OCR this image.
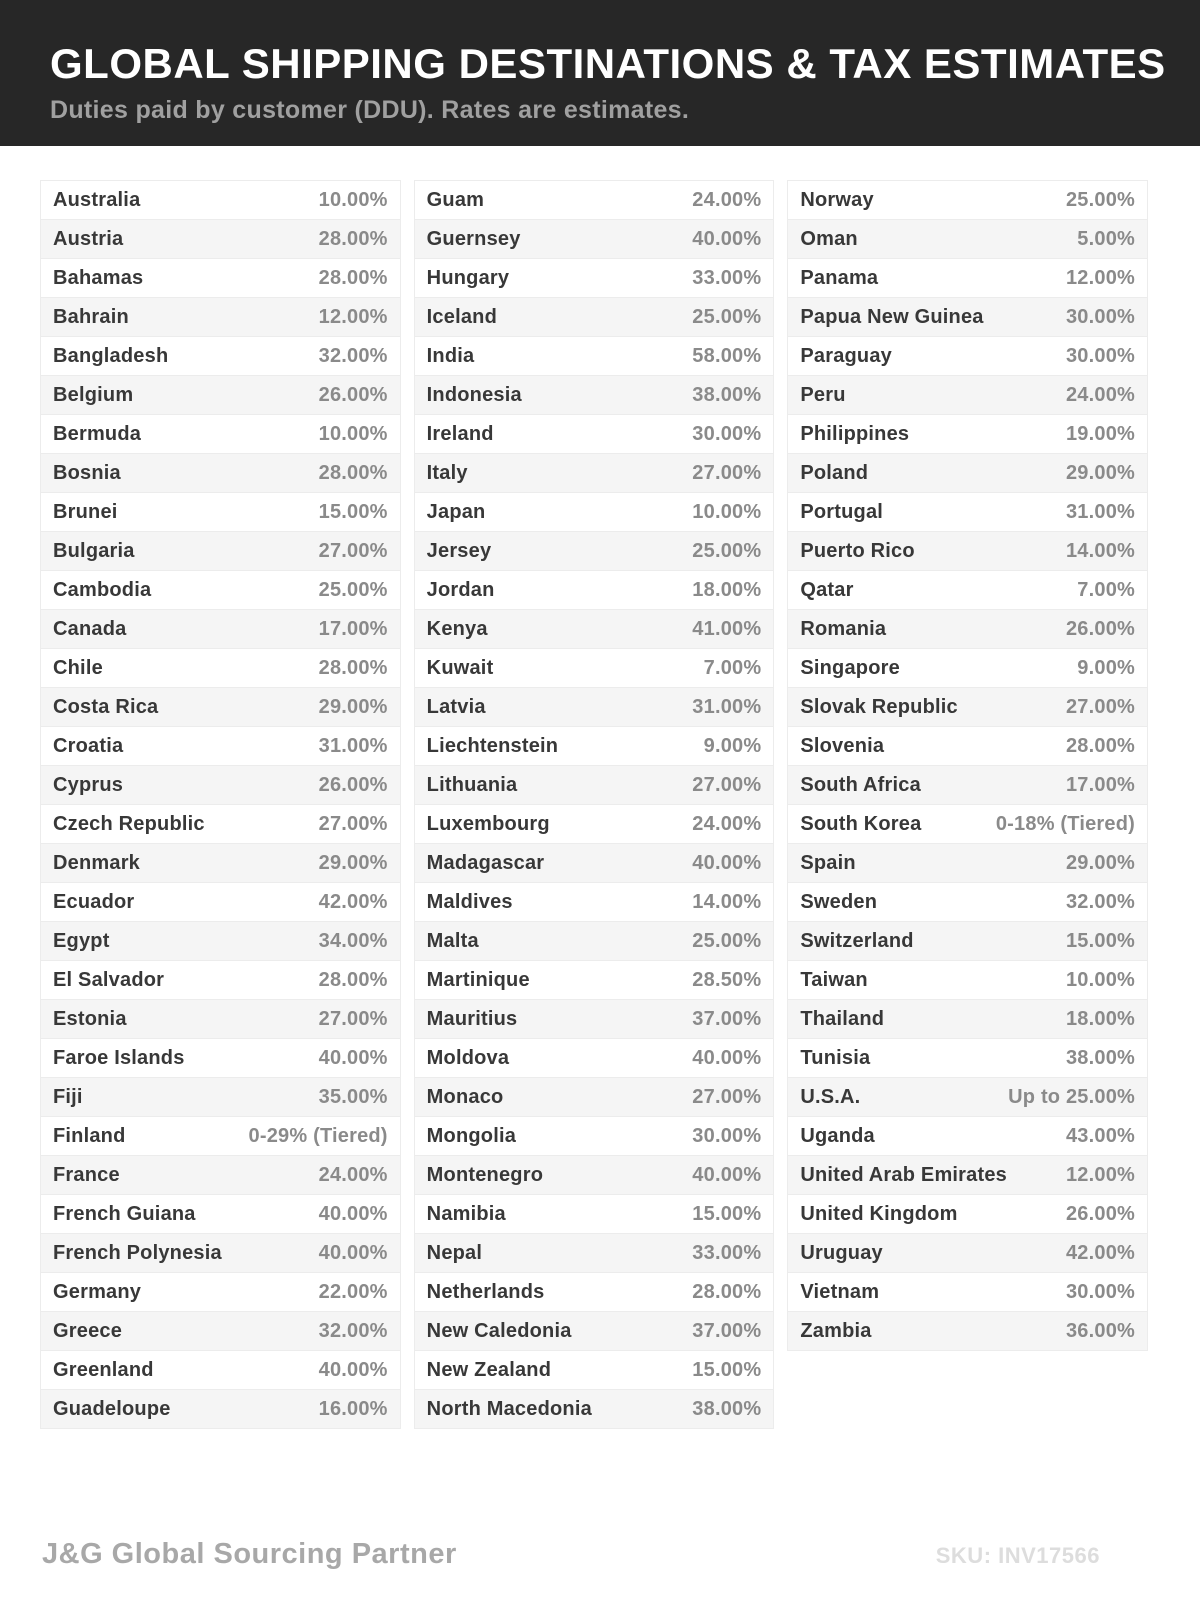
GLOBAL SHIPPING DESTINATIONS & TAX ESTIMATES

Duties paid by customer (DDU). Rates are estimates.

Australia	10.00%
Austria	28.00%
Bahamas	28.00%
Bahrain	12.00%
Bangladesh	32.00%
Belgium	26.00%
Bermuda	10.00%
Bosnia	28.00%
Brunei	15.00%
Bulgaria	27.00%
Cambodia	25.00%
Canada	17.00%
Chile	28.00%
Costa Rica	29.00%
Croatia	31.00%
Cyprus	26.00%
Czech Republic	27.00%
Denmark	29.00%
Ecuador	42.00%
Egypt	34.00%
El Salvador	28.00%
Estonia	27.00%
Faroe Islands	40.00%
Fiji	35.00%
Finland	0-29% (Tiered)
France	24.00%
French Guiana	40.00%
French Polynesia	40.00%
Germany	22.00%
Greece	32.00%
Greenland	40.00%
Guadeloupe	16.00%
Guam	24.00%
Guernsey	40.00%
Hungary	33.00%
Iceland	25.00%
India	58.00%
Indonesia	38.00%
Ireland	30.00%
Italy	27.00%
Japan	10.00%
Jersey	25.00%
Jordan	18.00%
Kenya	41.00%
Kuwait	7.00%
Latvia	31.00%
Liechtenstein	9.00%
Lithuania	27.00%
Luxembourg	24.00%
Madagascar	40.00%
Maldives	14.00%
Malta	25.00%
Martinique	28.50%
Mauritius	37.00%
Moldova	40.00%
Monaco	27.00%
Mongolia	30.00%
Montenegro	40.00%
Namibia	15.00%
Nepal	33.00%
Netherlands	28.00%
New Caledonia	37.00%
New Zealand	15.00%
North Macedonia	38.00%
Norway	25.00%
Oman	5.00%
Panama	12.00%
Papua New Guinea	30.00%
Paraguay	30.00%
Peru	24.00%
Philippines	19.00%
Poland	29.00%
Portugal	31.00%
Puerto Rico	14.00%
Qatar	7.00%
Romania	26.00%
Singapore	9.00%
Slovak Republic	27.00%
Slovenia	28.00%
South Africa	17.00%
South Korea	0-18% (Tiered)
Spain	29.00%
Sweden	32.00%
Switzerland	15.00%
Taiwan	10.00%
Thailand	18.00%
Tunisia	38.00%
U.S.A.	Up to 25.00%
Uganda	43.00%
United Arab Emirates	12.00%
United Kingdom	26.00%
Uruguay	42.00%
Vietnam	30.00%
Zambia	36.00%
J&G Global Sourcing Partner	SKU: INV17566
